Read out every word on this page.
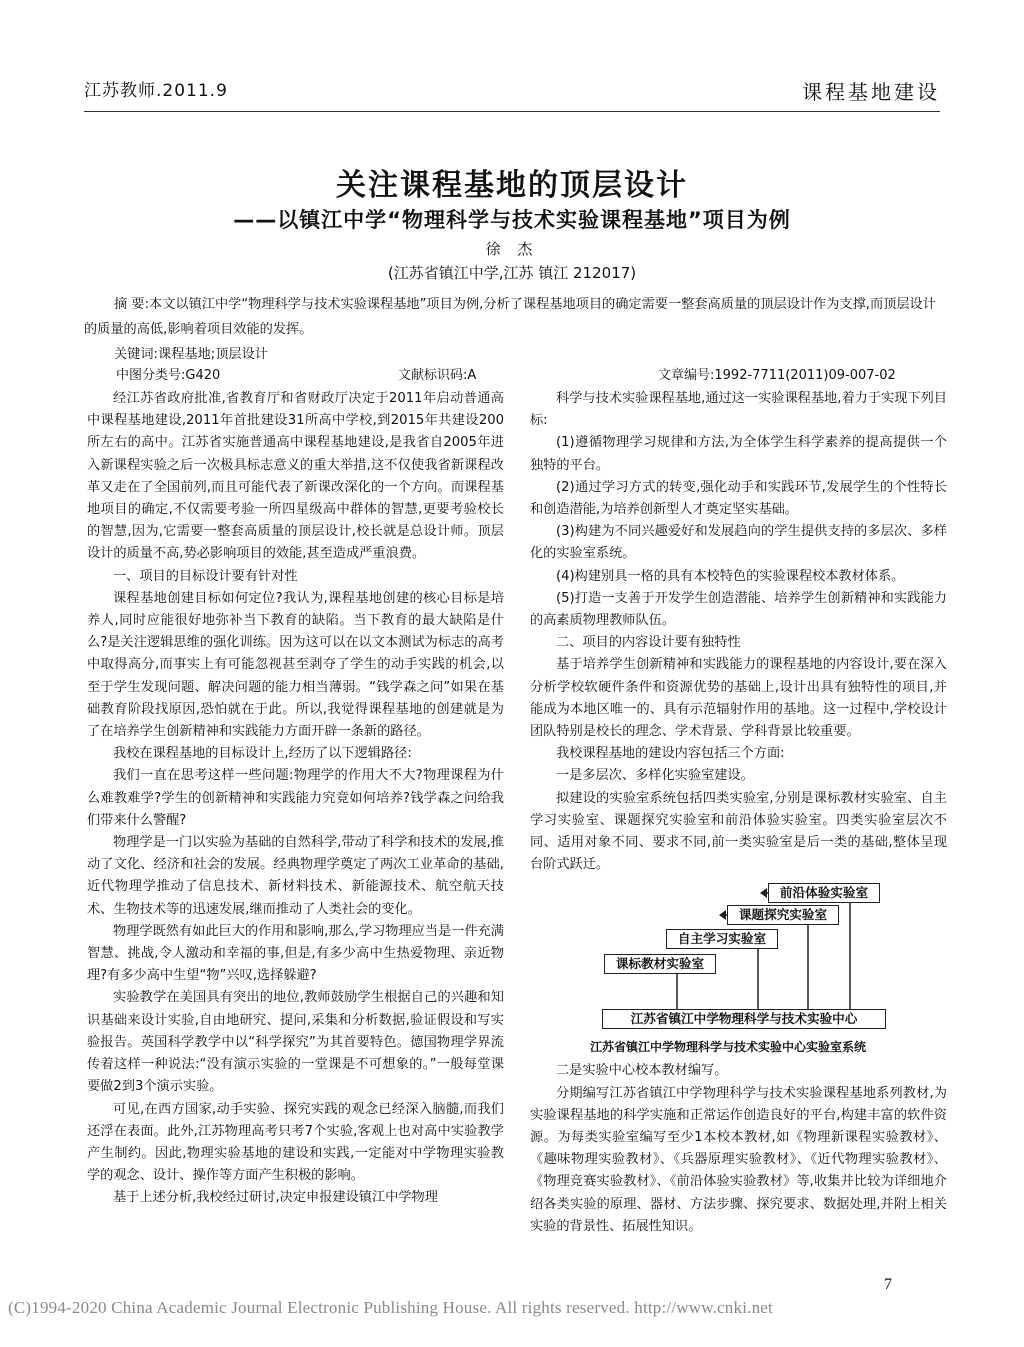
江苏教师.2011.9	课程基地建设
关注课程基地的顶层设计
——以镇江中学“物理科学与技术实验课程基地”项目为例
徐 杰
(江苏省镇江中学,江苏 镇江 212017)

摘 要:本文以镇江中学“物理科学与技术实验课程基地”项目为例,分析了课程基地项目的确定需要一整套高质量的顶层设计作为支撑,而顶层设计的质量的高低,影响着项目效能的发挥。

关键词:课程基地;顶层设计

中图分类号:G420	文献标识码:A	文章编号:1992-7711(2011)09-007-02

经江苏省政府批准,省教育厅和省财政厅决定于2011年启动普通高中课程基地建设,2011年首批建设31所高中学校,到2015年共建设200所左右的高中。江苏省实施普通高中课程基地建设,是我省自2005年进入新课程实验之后一次极具标志意义的重大举措,这不仅使我省新课程改革又走在了全国前列,而且可能代表了新课改深化的一个方向。而课程基地项目的确定,不仅需要考验一所四星级高中群体的智慧,更要考验校长的智慧,因为,它需要一整套高质量的顶层设计,校长就是总设计师。顶层设计的质量不高,势必影响项目的效能,甚至造成严重浪费。

一、项目的目标设计要有针对性

课程基地创建目标如何定位?我认为,课程基地创建的核心目标是培养人,同时应能很好地弥补当下教育的缺陷。当下教育的最大缺陷是什么?是关注逻辑思维的强化训练。因为这可以在以文本测试为标志的高考中取得高分,而事实上有可能忽视甚至剥夺了学生的动手实践的机会,以至于学生发现问题、解决问题的能力相当薄弱。“钱学森之问”如果在基础教育阶段找原因,恐怕就在于此。所以,我觉得课程基地的创建就是为了在培养学生创新精神和实践能力方面开辟一条新的路径。

我校在课程基地的目标设计上,经历了以下逻辑路径:

我们一直在思考这样一些问题:物理学的作用大不大?物理课程为什么难教难学?学生的创新精神和实践能力究竟如何培养?钱学森之问给我们带来什么警醒?

物理学是一门以实验为基础的自然科学,带动了科学和技术的发展,推动了文化、经济和社会的发展。经典物理学奠定了两次工业革命的基础,近代物理学推动了信息技术、新材料技术、新能源技术、航空航天技术、生物技术等的迅速发展,继而推动了人类社会的变化。

物理学既然有如此巨大的作用和影响,那么,学习物理应当是一件充满智慧、挑战,令人激动和幸福的事,但是,有多少高中生热爱物理、亲近物理?有多少高中生望“物”兴叹,选择躲避?

实验教学在美国具有突出的地位,教师鼓励学生根据自己的兴趣和知识基础来设计实验,自由地研究、提问,采集和分析数据,验证假设和写实验报告。英国科学教学中以“科学探究”为其首要特色。德国物理学界流传着这样一种说法:“没有演示实验的一堂课是不可想象的。”一般每堂课要做2到3个演示实验。

可见,在西方国家,动手实验、探究实践的观念已经深入脑髓,而我们还浮在表面。此外,江苏物理高考只考7个实验,客观上也对高中实验教学产生制约。因此,物理实验基地的建设和实践,一定能对中学物理实验教学的观念、设计、操作等方面产生积极的影响。

基于上述分析,我校经过研讨,决定申报建设镇江中学物理

科学与技术实验课程基地,通过这一实验课程基地,着力于实现下列目标:

(1)遵循物理学习规律和方法,为全体学生科学素养的提高提供一个独特的平台。

(2)通过学习方式的转变,强化动手和实践环节,发展学生的个性特长和创造潜能,为培养创新型人才奠定坚实基础。

(3)构建为不同兴趣爱好和发展趋向的学生提供支持的多层次、多样化的实验室系统。

(4)构建别具一格的具有本校特色的实验课程校本教材体系。

(5)打造一支善于开发学生创造潜能、培养学生创新精神和实践能力的高素质物理教师队伍。

二、项目的内容设计要有独特性

基于培养学生创新精神和实践能力的课程基地的内容设计,要在深入分析学校软硬件条件和资源优势的基础上,设计出具有独特性的项目,并能成为本地区唯一的、具有示范辐射作用的基地。这一过程中,学校设计团队特别是校长的理念、学术背景、学科背景比较重要。

我校课程基地的建设内容包括三个方面:

一是多层次、多样化实验室建设。

拟建设的实验室系统包括四类实验室,分别是课标教材实验室、自主学习实验室、课题探究实验室和前沿体验实验室。四类实验室层次不同、适用对象不同、要求不同,前一类实验室是后一类的基础,整体呈现台阶式跃迁。

前沿体验实验室
课题探究实验室
自主学习实验室
课标教材实验室
江苏省镇江中学物理科学与技术实验中心
江苏省镇江中学物理科学与技术实验中心实验室系统

二是实验中心校本教材编写。

分期编写江苏省镇江中学物理科学与技术实验课程基地系列教材,为实验课程基地的科学实施和正常运作创造良好的平台,构建丰富的软件资源。为每类实验室编写至少1本校本教材,如《物理新课程实验教材》、《趣味物理实验教材》、《兵器原理实验教材》、《近代物理实验教材》、《物理竞赛实验教材》、《前沿体验实验教材》等,收集并比较为详细地介绍各类实验的原理、器材、方法步骤、探究要求、数据处理,并附上相关实验的背景性、拓展性知识。

7
(C)1994-2020 China Academic Journal Electronic Publishing House. All rights reserved. http://www.cnki.net
